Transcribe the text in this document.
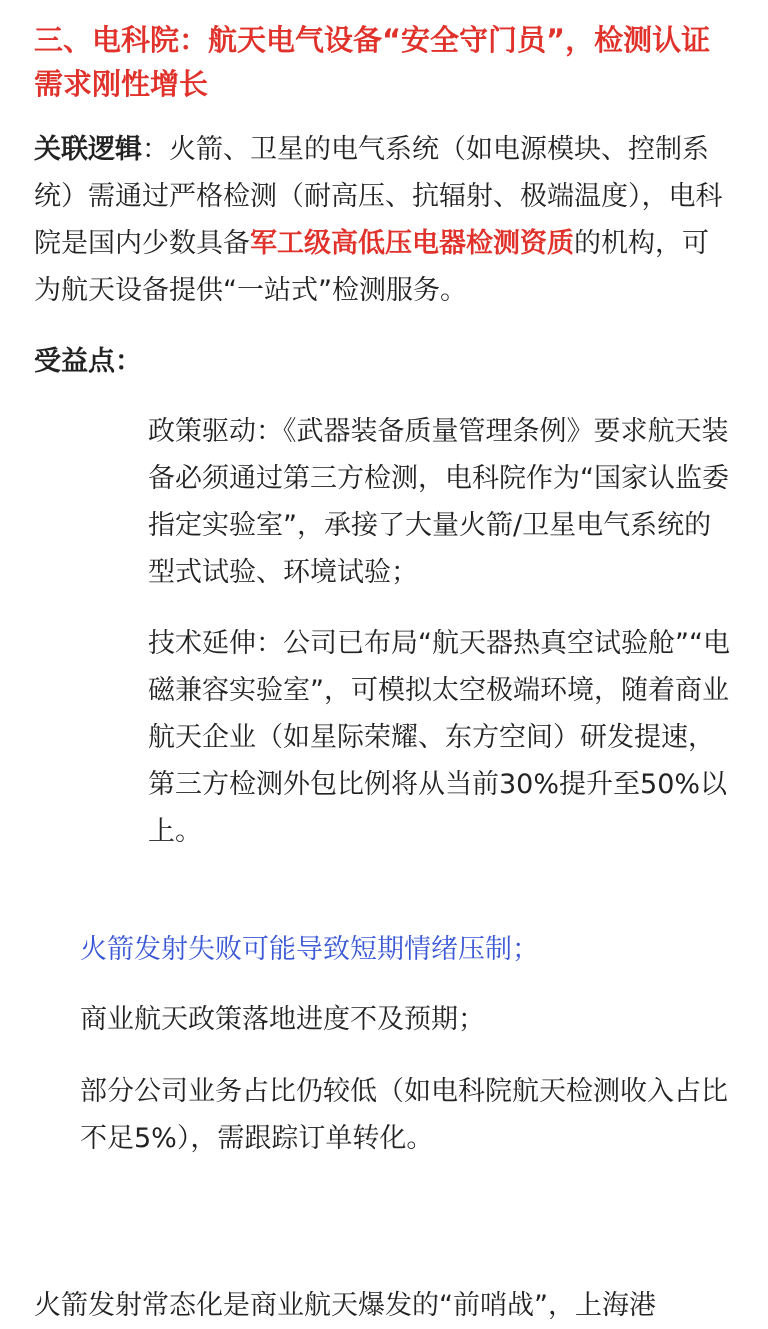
三、电科院：航天电气设备“安全守门员”，检测认证需求刚性增长
关联逻辑：火箭、卫星的电气系统（如电源模块、控制系统）需通过严格检测（耐高压、抗辐射、极端温度），电科院是国内少数具备军工级高低压电器检测资质的机构，可为航天设备提供“一站式”检测服务。
受益点：
政策驱动：《武器装备质量管理条例》要求航天装备必须通过第三方检测，电科院作为“国家认监委指定实验室”，承接了大量火箭/卫星电气系统的型式试验、环境试验；
技术延伸：公司已布局“航天器热真空试验舱”“电磁兼容实验室”，可模拟太空极端环境，随着商业航天企业（如星际荣耀、东方空间）研发提速，第三方检测外包比例将从当前30%提升至50%以上。
火箭发射失败可能导致短期情绪压制；
商业航天政策落地进度不及预期；
部分公司业务占比仍较低（如电科院航天检测收入占比不足5%），需跟踪订单转化。
火箭发射常态化是商业航天爆发的“前哨战”，上海港
